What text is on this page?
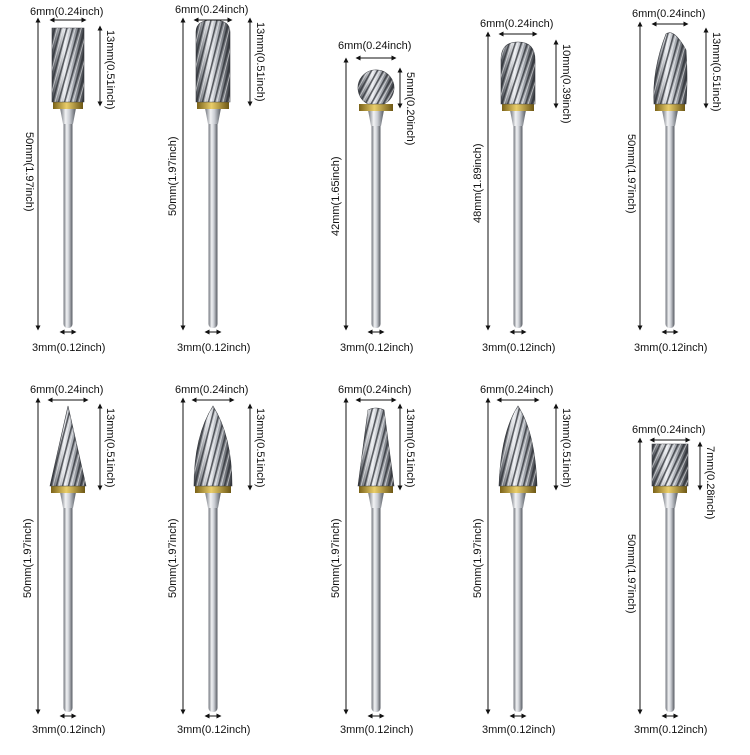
6mm(0.24inch)
3mm(0.12inch)
13mm(0.51inch)
50mm(1.97inch)
6mm(0.24inch)
3mm(0.12inch)
13mm(0.51inch)
50mm(1.97inch)
6mm(0.24inch)
3mm(0.12inch)
5mm(0.20inch)
42mm(1.65inch)
6mm(0.24inch)
3mm(0.12inch)
10mm(0.39inch)
48mm(1.89inch)
6mm(0.24inch)
3mm(0.12inch)
13mm(0.51inch)
50mm(1.97inch)
6mm(0.24inch)
3mm(0.12inch)
13mm(0.51inch)
50mm(1.97inch)
6mm(0.24inch)
3mm(0.12inch)
13mm(0.51inch)
50mm(1.97inch)
6mm(0.24inch)
3mm(0.12inch)
13mm(0.51inch)
50mm(1.97inch)
6mm(0.24inch)
3mm(0.12inch)
13mm(0.51inch)
50mm(1.97inch)
6mm(0.24inch)
3mm(0.12inch)
7mm(0.28inch)
50mm(1.97inch)
